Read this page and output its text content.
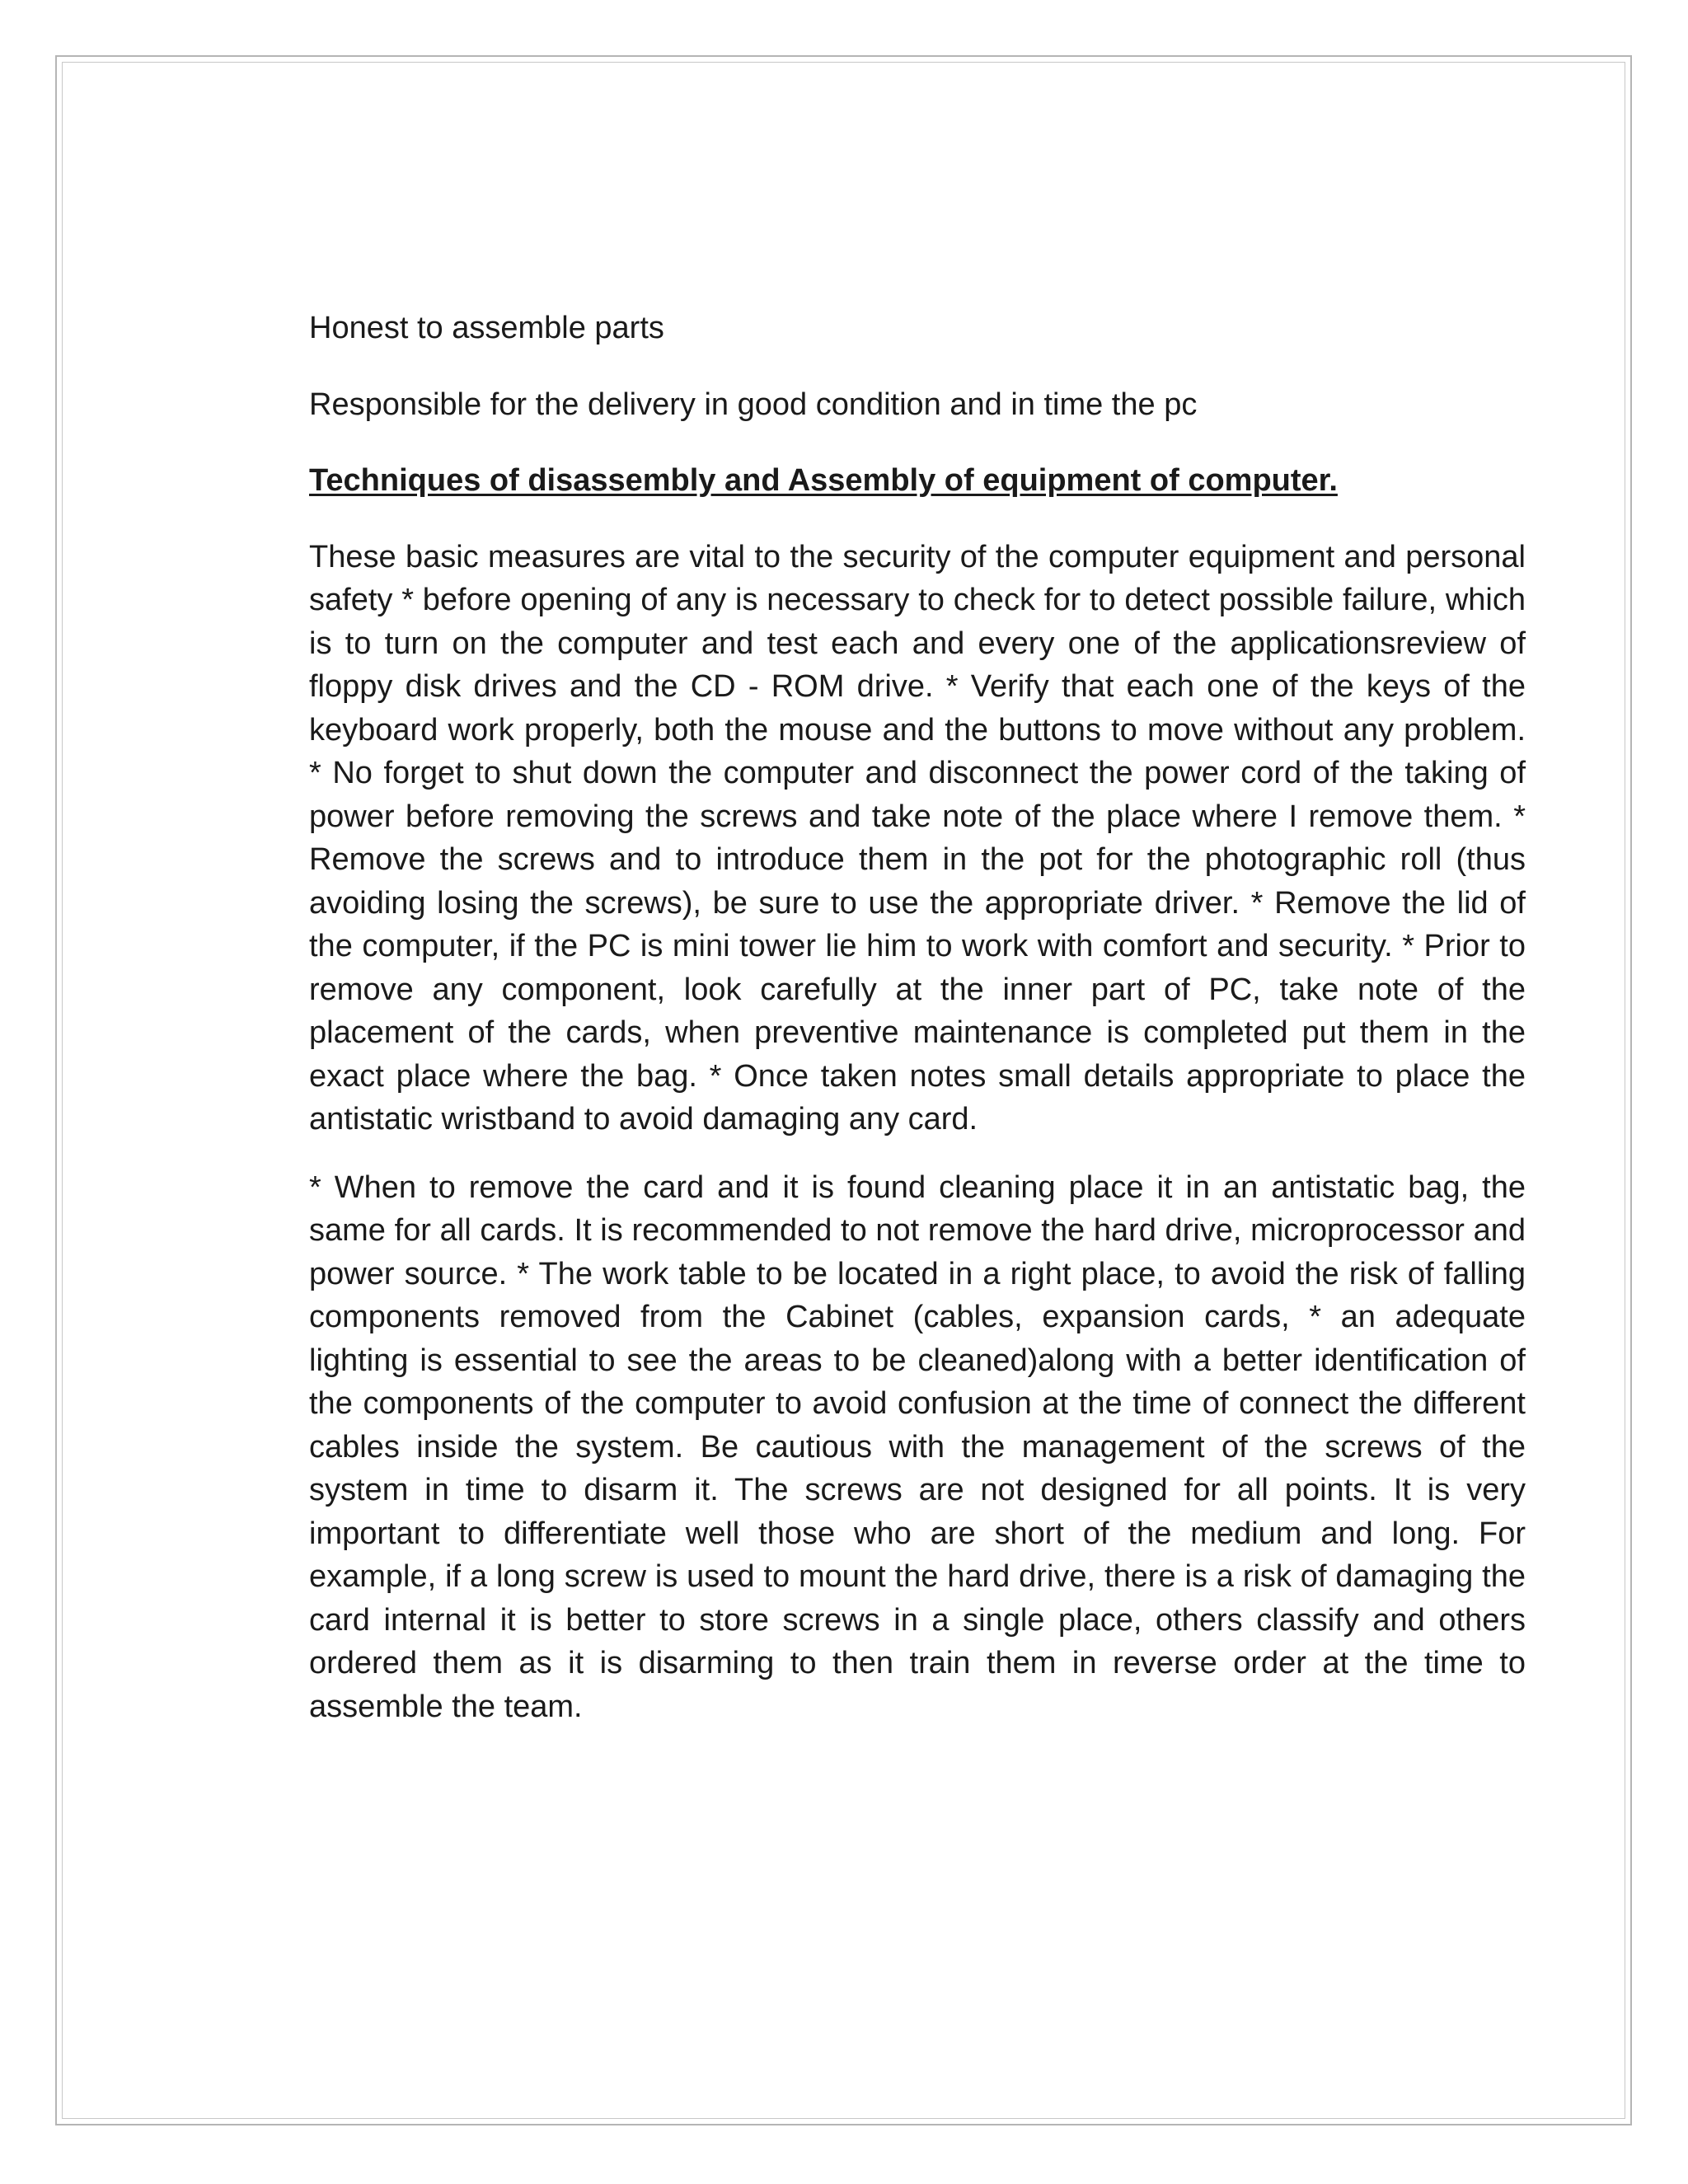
Honest to assemble parts

Responsible for the delivery in good condition and in time the pc

Techniques of disassembly and Assembly of equipment of computer.

These basic measures are vital to the security of the computer equipment and personal safety * before opening of any is necessary to check for to detect possible failure, which is to turn on the computer and test each and every one of the applicationsreview of floppy disk drives and the CD - ROM drive. * Verify that each one of the keys of the keyboard work properly, both the mouse and the buttons to move without any problem. * No forget to shut down the computer and disconnect the power cord of the taking of power before removing the screws and take note of the place where I remove them. * Remove the screws and to introduce them in the pot for the photographic roll (thus avoiding losing the screws), be sure to use the appropriate driver. * Remove the lid of the computer, if the PC is mini tower lie him to work with comfort and security. * Prior to remove any component, look carefully at the inner part of PC, take note of the placement of the cards, when preventive maintenance is completed put them in the exact place where the bag. * Once taken notes small details appropriate to place the antistatic wristband to avoid damaging any card.

* When to remove the card and it is found cleaning place it in an antistatic bag, the same for all cards. It is recommended to not remove the hard drive, microprocessor and power source. * The work table to be located in a right place, to avoid the risk of falling components removed from the Cabinet (cables, expansion cards, * an adequate lighting is essential to see the areas to be cleaned)along with a better identification of the components of the computer to avoid confusion at the time of connect the different cables inside the system. Be cautious with the management of the screws of the system in time to disarm it. The screws are not designed for all points. It is very important to differentiate well those who are short of the medium and long. For example, if a long screw is used to mount the hard drive, there is a risk of damaging the card internal it is better to store screws in a single place, others classify and others ordered them as it is disarming to then train them in reverse order at the time to assemble the team.
